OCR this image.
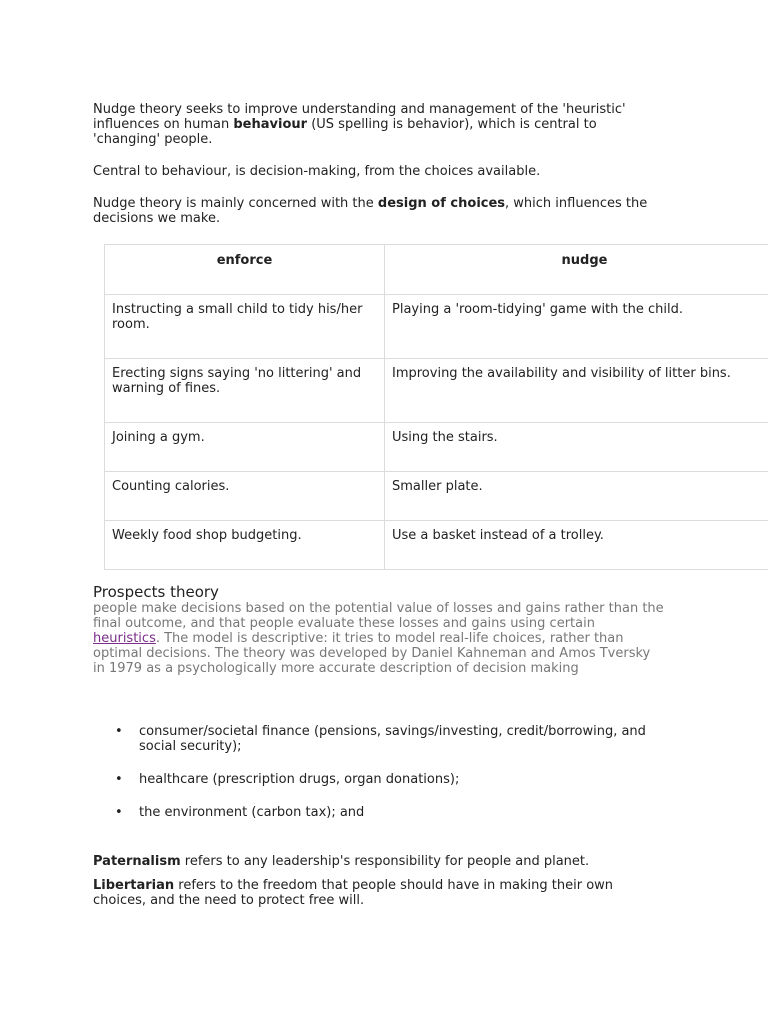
Nudge theory seeks to improve understanding and management of the 'heuristic' influences on human behaviour (US spelling is behavior), which is central to 'changing' people.

Central to behaviour, is decision-making, from the choices available.

Nudge theory is mainly concerned with the design of choices, which influences the decisions we make.

enforce	nudge
Instructing a small child to tidy his/her room.	Playing a 'room-tidying' game with the child.
Erecting signs saying 'no littering' and warning of fines.	Improving the availability and visibility of litter bins.
Joining a gym.	Using the stairs.
Counting calories.	Smaller plate.
Weekly food shop budgeting.	Use a basket instead of a trolley.
Prospects theory

people make decisions based on the potential value of losses and gains rather than the final outcome, and that people evaluate these losses and gains using certain heuristics. The model is descriptive: it tries to model real-life choices, rather than optimal decisions. The theory was developed by Daniel Kahneman and Amos Tversky in 1979 as a psychologically more accurate description of decision making

• consumer/societal finance (pensions, savings/investing, credit/borrowing, and social security);
• healthcare (prescription drugs, organ donations);
• the environment (carbon tax); and

Paternalism refers to any leadership's responsibility for people and planet.

Libertarian refers to the freedom that people should have in making their own choices, and the need to protect free will.
